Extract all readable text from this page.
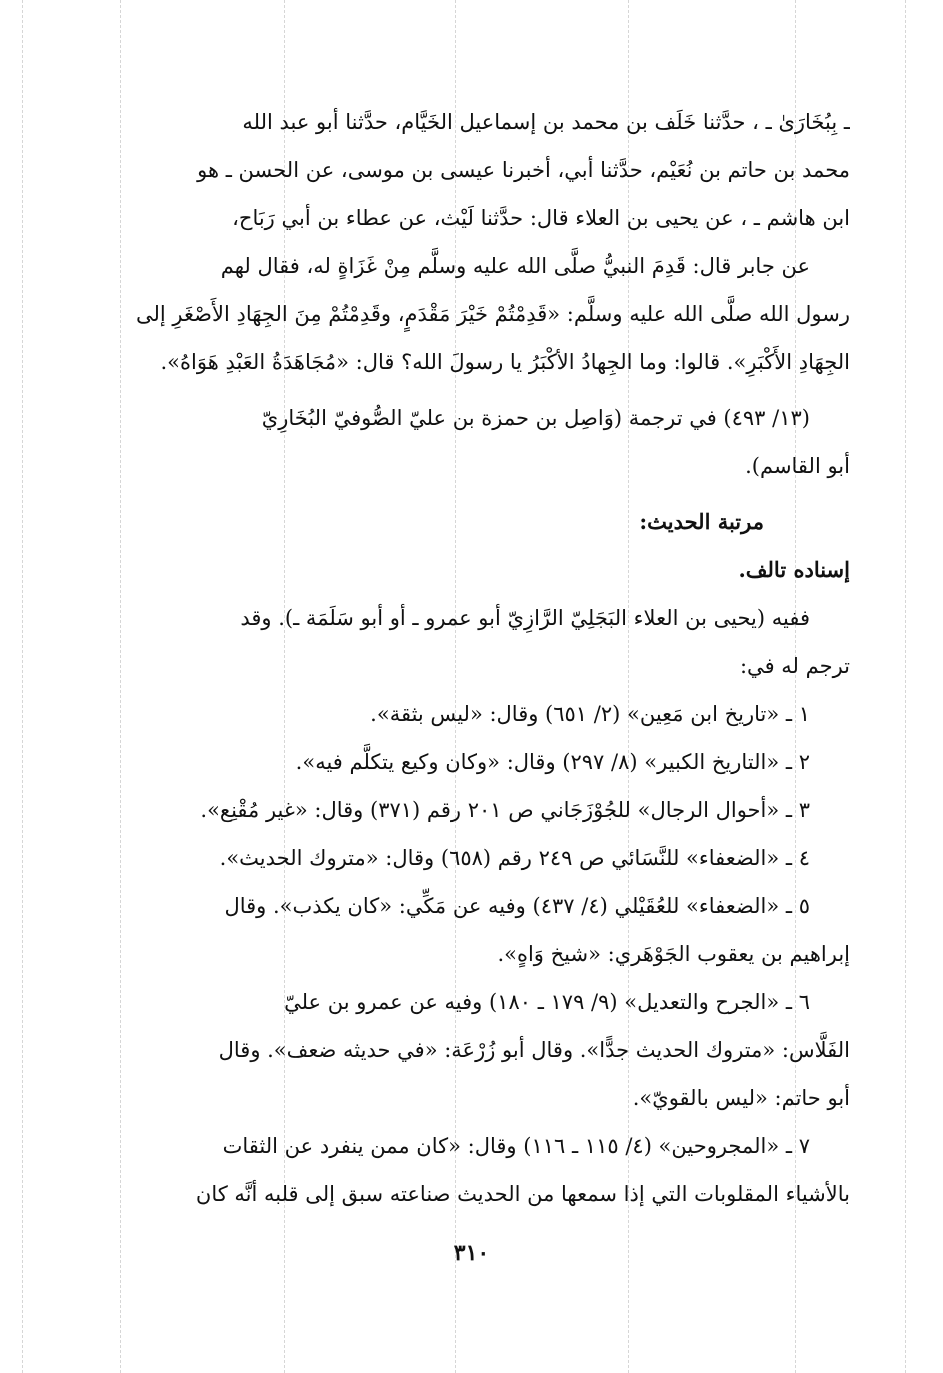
ـ بِبُخَارَىٰ ـ ، حدَّثنا خَلَف بن محمد بن إسماعيل الخَيَّام، حدَّثنا أبو عبد الله
محمد بن حاتم بن نُعَيْم، حدَّثنا أبي، أخبرنا عيسى بن موسى، عن الحسن ـ هو
ابن هاشم ـ ، عن يحيى بن العلاء قال: حدَّثنا لَيْث، عن عطاء بن أبي رَبَاح،
عن جابر قال: قَدِمَ النبيُّ صلَّى الله عليه وسلَّم مِنْ غَزَاةٍ له، فقال لهم
رسول الله صلَّى الله عليه وسلَّم: «قَدِمْتُمْ خَيْرَ مَقْدَمٍ، وقَدِمْتُمْ مِنَ الجِهَادِ الأَصْغَرِ إلى
الجِهَادِ الأَكْبَرِ». قالوا: وما الجِهادُ الأكْبَرُ يا رسولَ الله؟ قال: «مُجَاهَدَةُ العَبْدِ هَوَاهُ».
(١٣/ ٤٩٣) في ترجمة (وَاصِل بن حمزة بن عليّ الصُّوفيّ البُخَارِيّ
أبو القاسم).
مرتبة الحديث:
إسناده تالف.
ففيه (يحيى بن العلاء البَجَلِيّ الرَّازِيّ أبو عمرو ـ أو أبو سَلَمَة ـ). وقد
ترجم له في:
١ ـ «تاريخ ابن مَعِين» (٢/ ٦٥١) وقال: «ليس بثقة».
٢ ـ «التاريخ الكبير» (٨/ ٢٩٧) وقال: «وكان وكيع يتكلَّم فيه».
٣ ـ «أحوال الرجال» للجُوْزَجَاني ص ٢٠١ رقم (٣٧١) وقال: «غير مُقْنِع».
٤ ـ «الضعفاء» للنَّسَائي ص ٢٤٩ رقم (٦٥٨) وقال: «متروك الحديث».
٥ ـ «الضعفاء» للعُقَيْلي (٤/ ٤٣٧) وفيه عن مَكِّي: «كان يكذب». وقال
إبراهيم بن يعقوب الجَوْهَري: «شيخ وَاهٍ».
٦ ـ «الجرح والتعديل» (٩/ ١٧٩ ـ ١٨٠) وفيه عن عمرو بن عليّ
الفَلَّاس: «متروك الحديث جدًّا». وقال أبو زُرْعَة: «في حديثه ضعف». وقال
أبو حاتم: «ليس بالقويّ».
٧ ـ «المجروحين» (٤/ ١١٥ ـ ١١٦) وقال: «كان ممن ينفرد عن الثقات
بالأشياء المقلوبات التي إذا سمعها من الحديث صناعته سبق إلى قلبه أنَّه كان
٣١٠
